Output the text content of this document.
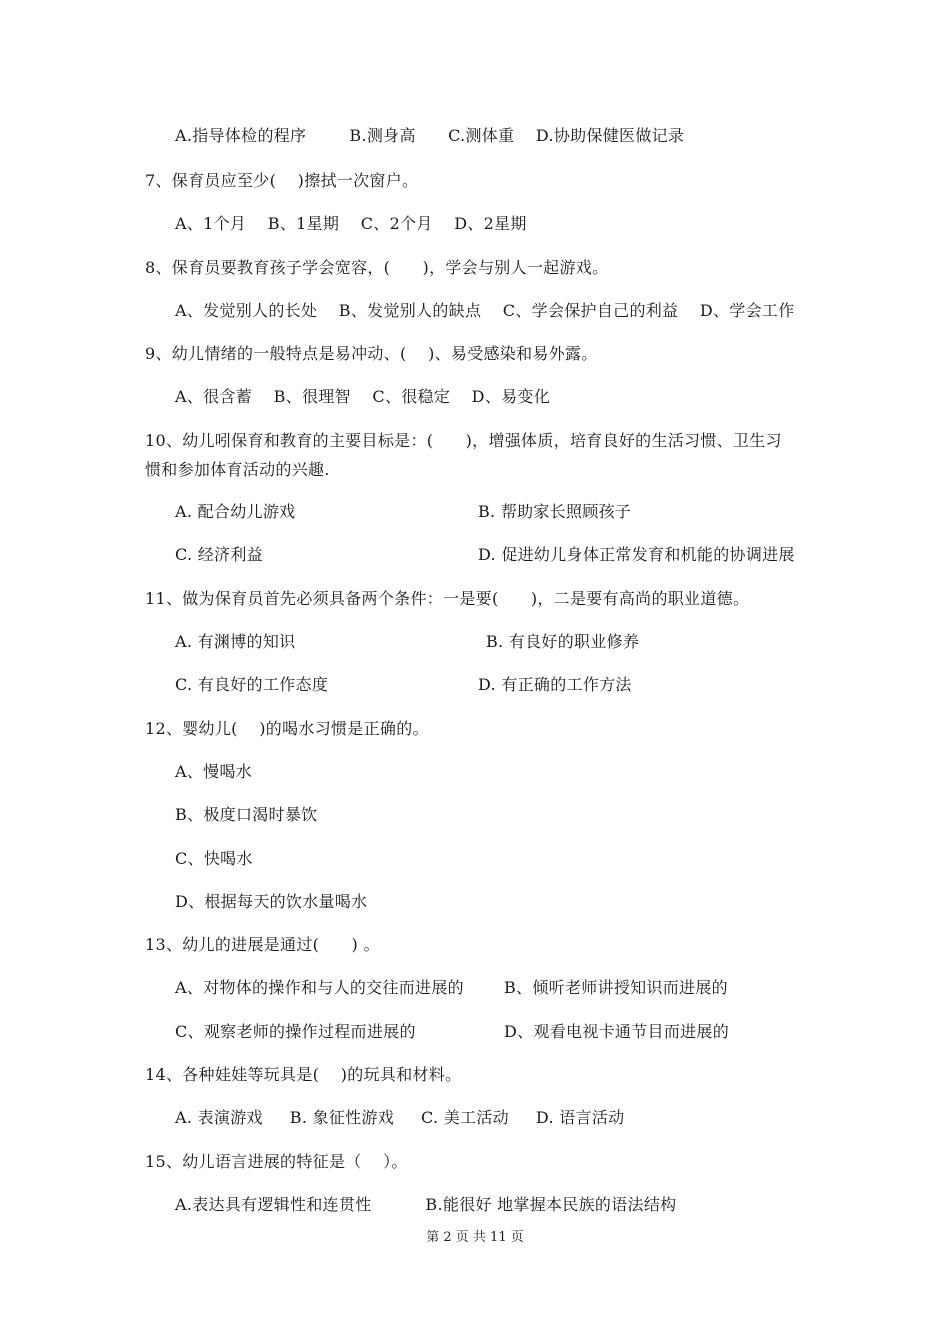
A.指导体检的程序        B.测身高      C.测体重    D.协助保健医做记录
7、保育员应至少(    )擦拭一次窗户。
A、1个月    B、1星期    C、2个月    D、2星期
8、保育员要教育孩子学会宽容，(      )，学会与别人一起游戏。
A、发觉别人的长处    B、发觉别人的缺点    C、学会保护自己的利益    D、学会工作
9、幼儿情绪的一般特点是易冲动、(    )、易受感染和易外露。
A、很含蓄    B、很理智    C、很稳定    D、易变化
10、幼儿吲保育和教育的主要目标是：(      )，增强体质，培育良好的生活习惯、卫生习
惯和参加体育活动的兴趣.
A. 配合幼儿游戏	B. 帮助家长照顾孩子
C. 经济利益	D. 促进幼儿身体正常发育和机能的协调进展
11、做为保育员首先必须具备两个条件：一是要(      )，二是要有高尚的职业道德。
A. 有渊博的知识	B. 有良好的职业修养
C. 有良好的工作态度	D. 有正确的工作方法
12、婴幼儿(    )的喝水习惯是正确的。
A、慢喝水
B、极度口渴时暴饮
C、快喝水
D、根据每天的饮水量喝水
13、幼儿的进展是通过(      ) 。
A、对物体的操作和与人的交往而进展的	B、倾听老师讲授知识而进展的
C、观察老师的操作过程而进展的	D、观看电视卡通节目而进展的
14、各种娃娃等玩具是(    )的玩具和材料。
A. 表演游戏     B. 象征性游戏     C. 美工活动     D. 语言活动
15、幼儿语言进展的特征是（    ）。
A.表达具有逻辑性和连贯性          B.能很好 地掌握本民族的语法结构
第 2 页 共 11 页
